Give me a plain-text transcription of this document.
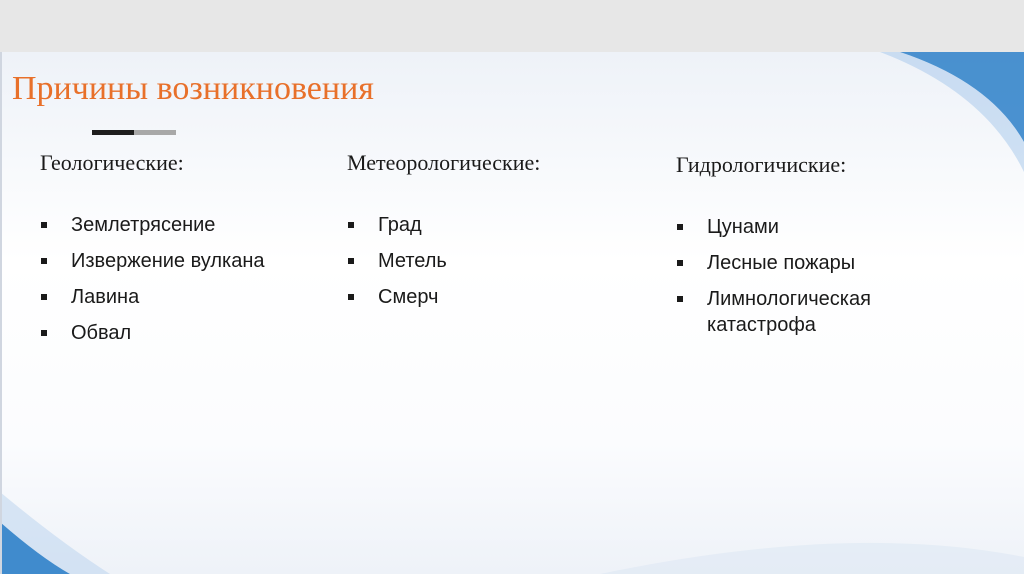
Причины возникновения
Геологические:
Землетрясение
Извержение вулкана
Лавина
Обвал
Метеорологические:
Град
Метель
Смерч
Гидрологичиские:
Цунами
Лесные пожары
Лимнологическая катастрофа
